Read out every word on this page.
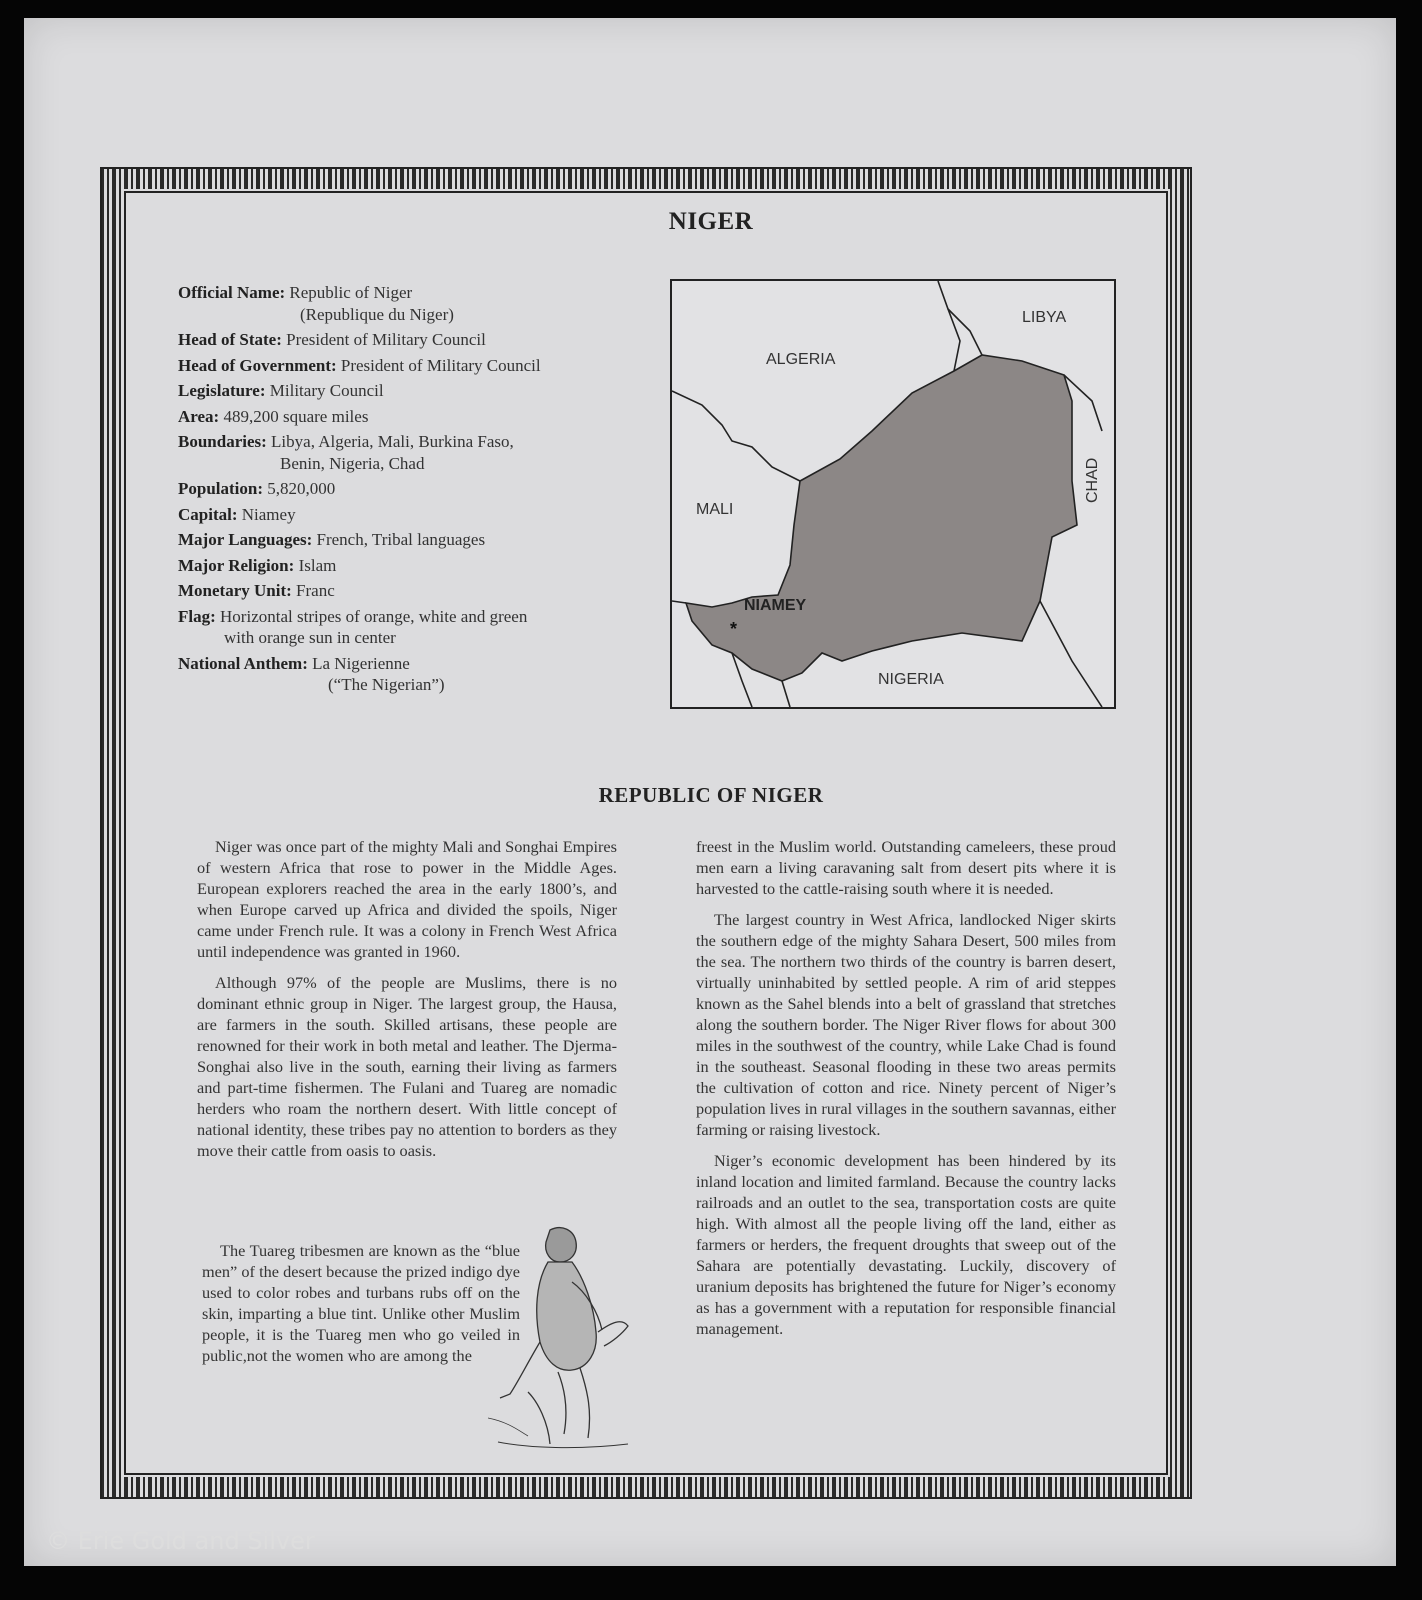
NIGER
Official Name: Republic of Niger
(Republique du Niger)
Head of State: President of Military Council
Head of Government: President of Military Council
Legislature: Military Council
Area: 489,200 square miles
Boundaries: Libya, Algeria, Mali, Burkina Faso,
Benin, Nigeria, Chad
Population: 5,820,000
Capital: Niamey
Major Languages: French, Tribal languages
Major Religion: Islam
Monetary Unit: Franc
Flag: Horizontal stripes of orange, white and green
with orange sun in center
National Anthem: La Nigerienne
(“The Nigerian”)
LIBYA
ALGERIA
MALI
CHAD
NIAMEY
*
NIGERIA
REPUBLIC OF NIGER

Niger was once part of the mighty Mali and Songhai Empires of western Africa that rose to power in the Middle Ages. European explorers reached the area in the early 1800’s, and when Europe carved up Africa and divided the spoils, Niger came under French rule. It was a colony in French West Africa until independence was granted in 1960.

Although 97% of the people are Muslims, there is no dominant ethnic group in Niger. The largest group, the Hausa, are farmers in the south. Skilled artisans, these people are renowned for their work in both metal and leather. The Djerma-Songhai also live in the south, earning their living as farmers and part-time fishermen. The Fulani and Tuareg are nomadic herders who roam the northern desert. With little concept of national identity, these tribes pay no attention to borders as they move their cattle from oasis to oasis.

The Tuareg tribesmen are known as the “blue men” of the desert because the prized indigo dye used to color robes and turbans rubs off on the skin, imparting a blue tint. Unlike other Muslim people, it is the Tuareg men who go veiled in public,not the women who are among the

freest in the Muslim world. Outstanding cameleers, these proud men earn a living caravaning salt from desert pits where it is harvested to the cattle-raising south where it is needed.

The largest country in West Africa, landlocked Niger skirts the southern edge of the mighty Sahara Desert, 500 miles from the sea. The northern two thirds of the country is barren desert, virtually uninhabited by settled people. A rim of arid steppes known as the Sahel blends into a belt of grassland that stretches along the southern border. The Niger River flows for about 300 miles in the southwest of the country, while Lake Chad is found in the southeast. Seasonal flooding in these two areas permits the cultivation of cotton and rice. Ninety percent of Niger’s population lives in rural villages in the southern savannas, either farming or raising livestock.

Niger’s economic development has been hindered by its inland location and limited farmland. Because the country lacks railroads and an outlet to the sea, transportation costs are quite high. With almost all the people living off the land, either as farmers or herders, the frequent droughts that sweep out of the Sahara are potentially devastating. Luckily, discovery of uranium deposits has brightened the future for Niger’s economy as has a government with a reputation for responsible financial management.

© Erie Gold and Silver
